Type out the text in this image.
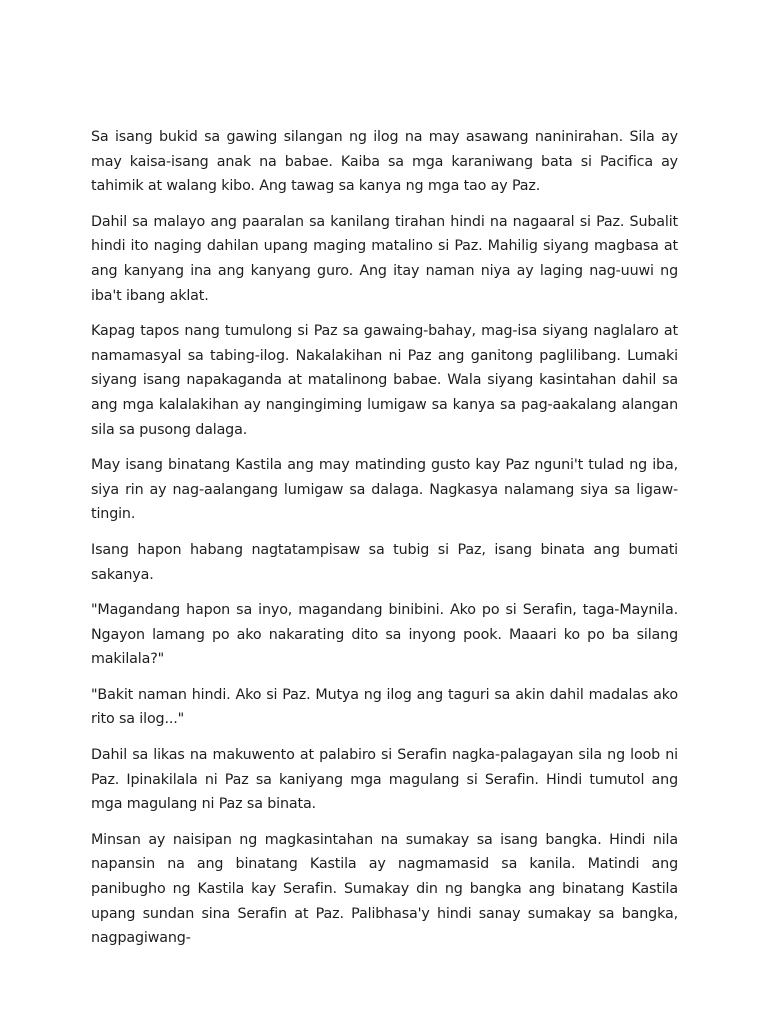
Sa isang bukid sa gawing silangan ng ilog na may asawang naninirahan. Sila ay may kaisa-isang anak na babae. Kaiba sa mga karaniwang bata si Pacifica ay tahimik at walang kibo. Ang tawag sa kanya ng mga tao ay Paz.

Dahil sa malayo ang paaralan sa kanilang tirahan hindi na nagaaral si Paz. Subalit hindi ito naging dahilan upang maging matalino si Paz. Mahilig siyang magbasa at ang kanyang ina ang kanyang guro. Ang itay naman niya ay laging nag-uuwi ng iba't ibang aklat.

Kapag tapos nang tumulong si Paz sa gawaing-bahay, mag-isa siyang naglalaro at namamasyal sa tabing-ilog. Nakalakihan ni Paz ang ganitong paglilibang. Lumaki siyang isang napakaganda at matalinong babae. Wala siyang kasintahan dahil sa ang mga kalalakihan ay nangingiming lumigaw sa kanya sa pag-aakalang alangan sila sa pusong dalaga.

May isang binatang Kastila ang may matinding gusto kay Paz nguni't tulad ng iba, siya rin ay nag-aalangang lumigaw sa dalaga. Nagkasya nalamang siya sa ligaw-tingin.

Isang hapon habang nagtatampisaw sa tubig si Paz, isang binata ang bumati sakanya.

"Magandang hapon sa inyo, magandang binibini. Ako po si Serafin, taga-Maynila. Ngayon lamang po ako nakarating dito sa inyong pook. Maaari ko po ba silang makilala?"

"Bakit naman hindi. Ako si Paz. Mutya ng ilog ang taguri sa akin dahil madalas ako rito sa ilog..."

Dahil sa likas na makuwento at palabiro si Serafin nagka-palagayan sila ng loob ni Paz. Ipinakilala ni Paz sa kaniyang mga magulang si Serafin. Hindi tumutol ang mga magulang ni Paz sa binata.

Minsan ay naisipan ng magkasintahan na sumakay sa isang bangka. Hindi nila napansin na ang binatang Kastila ay nagmamasid sa kanila. Matindi ang panibugho ng Kastila kay Serafin. Sumakay din ng bangka ang binatang Kastila upang sundan sina Serafin at Paz. Palibhasa'y hindi sanay sumakay sa bangka, nagpagiwang-
